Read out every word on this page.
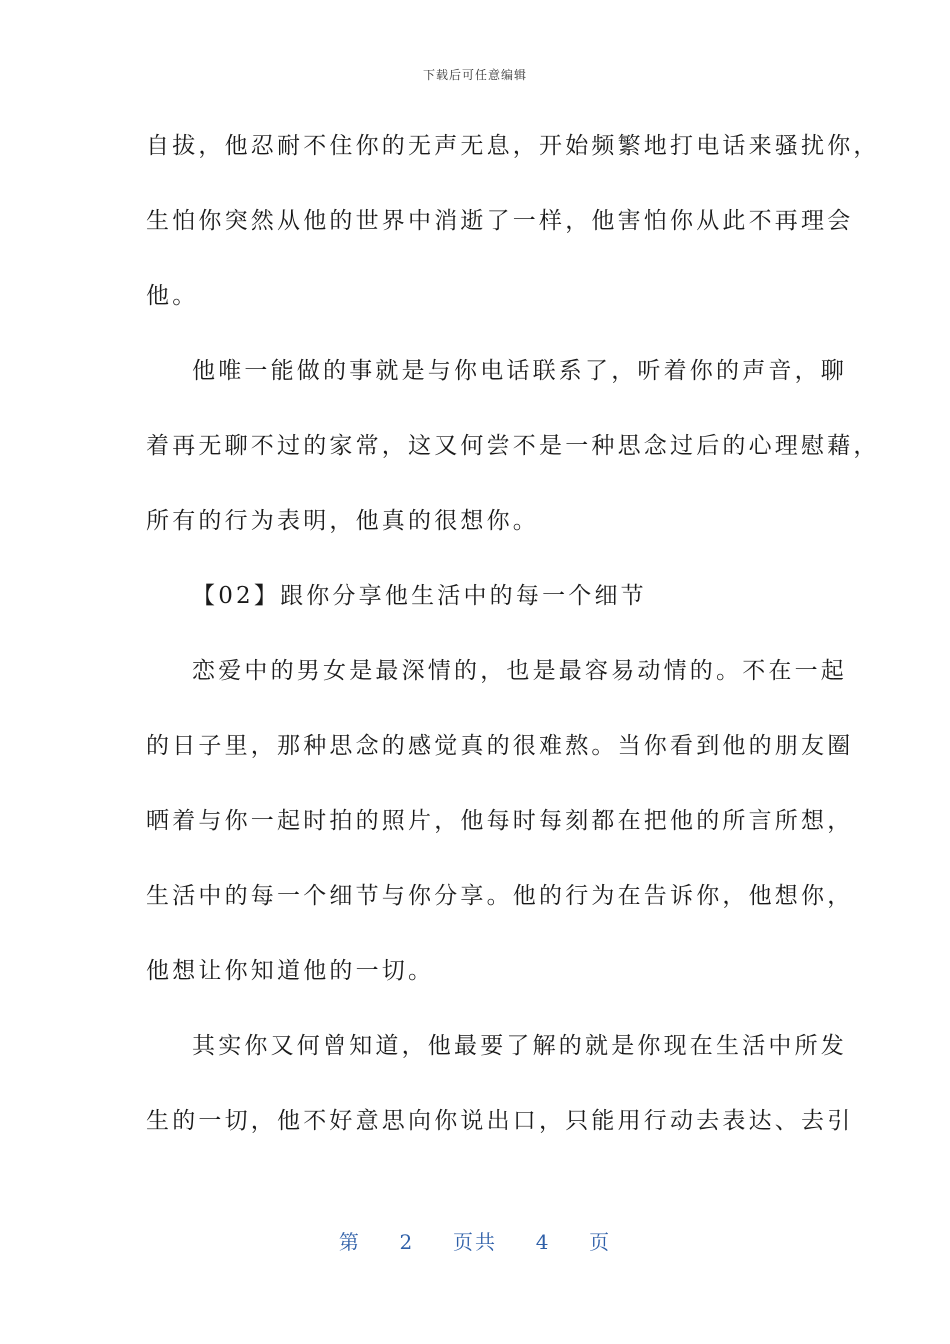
下载后可任意编辑
自拔，他忍耐不住你的无声无息，开始频繁地打电话来骚扰你，
生怕你突然从他的世界中消逝了一样，他害怕你从此不再理会
他。
他唯一能做的事就是与你电话联系了，听着你的声音，聊
着再无聊不过的家常，这又何尝不是一种思念过后的心理慰藉，
所有的行为表明，他真的很想你。
【02】跟你分享他生活中的每一个细节
恋爱中的男女是最深情的，也是最容易动情的。不在一起
的日子里，那种思念的感觉真的很难熬。当你看到他的朋友圈
晒着与你一起时拍的照片，他每时每刻都在把他的所言所想，
生活中的每一个细节与你分享。他的行为在告诉你，他想你，
他想让你知道他的一切。
其实你又何曾知道，他最要了解的就是你现在生活中所发
生的一切，他不好意思向你说出口，只能用行动去表达、去引
第 2 页共 4 页
